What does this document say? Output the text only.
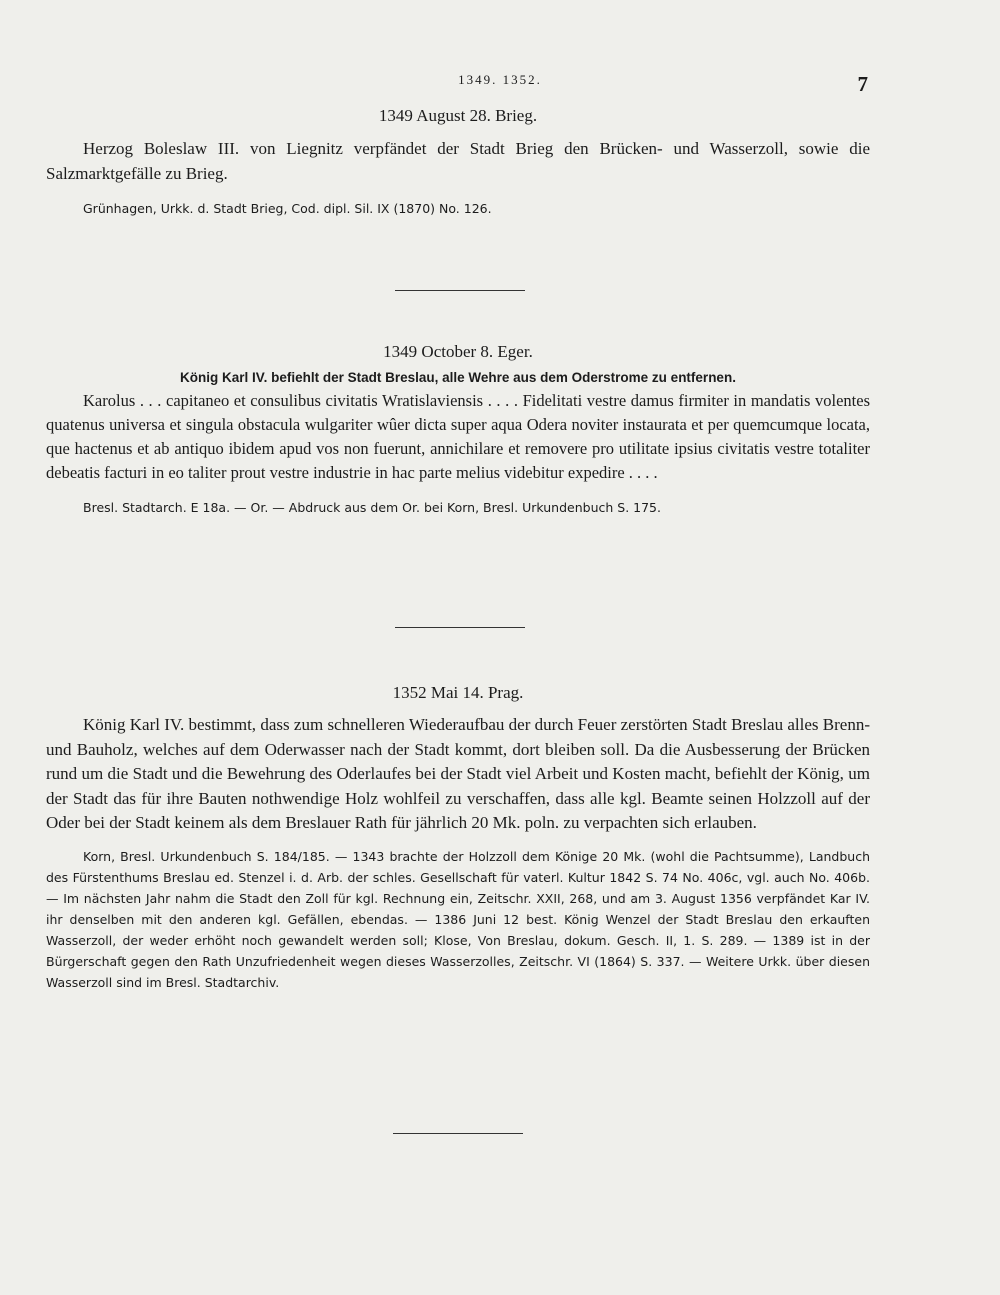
1349. 1352.	7
1349 August 28. Brieg.

Herzog Boleslaw III. von Liegnitz verpfändet der Stadt Brieg den Brücken- und Wasserzoll, sowie die Salzmarktgefälle zu Brieg.

Grünhagen, Urkk. d. Stadt Brieg, Cod. dipl. Sil. IX (1870) No. 126.

1349 October 8. Eger.

König Karl IV. befiehlt der Stadt Breslau, alle Wehre aus dem Oderstrome zu entfernen.

Karolus . . . capitaneo et consulibus civitatis Wratislaviensis . . . . Fidelitati vestre damus firmiter in mandatis volentes quatenus universa et singula obstacula wulgariter wûer dicta super aqua Odera noviter instaurata et per quemcumque locata, que hactenus et ab antiquo ibidem apud vos non fuerunt, annichilare et removere pro utilitate ipsius civitatis vestre totaliter debeatis facturi in eo taliter prout vestre industrie in hac parte melius videbitur expedire . . . .

Bresl. Stadtarch. E 18a. — Or. — Abdruck aus dem Or. bei Korn, Bresl. Urkundenbuch S. 175.

1352 Mai 14. Prag.

König Karl IV. bestimmt, dass zum schnelleren Wiederaufbau der durch Feuer zerstörten Stadt Breslau alles Brenn- und Bauholz, welches auf dem Oderwasser nach der Stadt kommt, dort bleiben soll. Da die Ausbesserung der Brücken rund um die Stadt und die Bewehrung des Oderlaufes bei der Stadt viel Arbeit und Kosten macht, befiehlt der König, um der Stadt das für ihre Bauten nothwendige Holz wohlfeil zu verschaffen, dass alle kgl. Beamte seinen Holzzoll auf der Oder bei der Stadt keinem als dem Breslauer Rath für jährlich 20 Mk. poln. zu verpachten sich erlauben.

Korn, Bresl. Urkundenbuch S. 184/185. — 1343 brachte der Holzzoll dem Könige 20 Mk. (wohl die Pachtsumme), Landbuch des Fürstenthums Breslau ed. Stenzel i. d. Arb. der schles. Gesellschaft für vaterl. Kultur 1842 S. 74 No. 406c, vgl. auch No. 406b. — Im nächsten Jahr nahm die Stadt den Zoll für kgl. Rechnung ein, Zeitschr. XXII, 268, und am 3. August 1356 verpfändet Kar IV. ihr denselben mit den anderen kgl. Gefällen, ebendas. — 1386 Juni 12 best. König Wenzel der Stadt Breslau den erkauften Wasserzoll, der weder erhöht noch gewandelt werden soll; Klose, Von Breslau, dokum. Gesch. II, 1. S. 289. — 1389 ist in der Bürgerschaft gegen den Rath Unzufriedenheit wegen dieses Wasserzolles, Zeitschr. VI (1864) S. 337. — Weitere Urkk. über diesen Wasserzoll sind im Bresl. Stadtarchiv.
